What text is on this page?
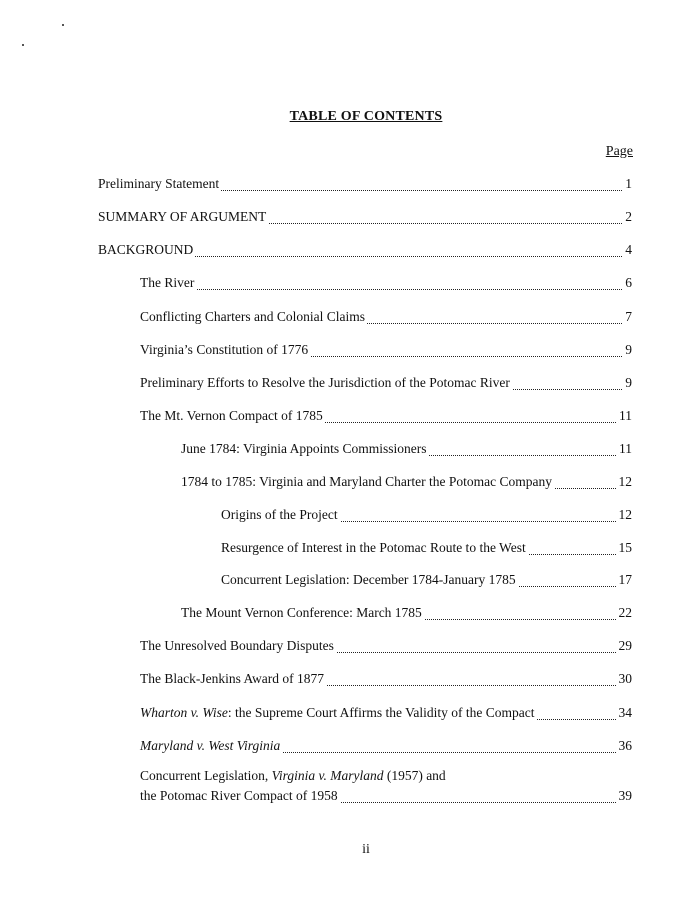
TABLE OF CONTENTS
Page
Preliminary Statement	1
SUMMARY OF ARGUMENT	2
BACKGROUND	4
The River	6
Conflicting Charters and Colonial Claims	7
Virginia’s Constitution of 1776	9
Preliminary Efforts to Resolve the Jurisdiction of the Potomac River	9
The Mt. Vernon Compact of 1785	11
June 1784: Virginia Appoints Commissioners	11
1784 to 1785: Virginia and Maryland Charter the Potomac Company	12
Origins of the Project	12
Resurgence of Interest in the Potomac Route to the West	15
Concurrent Legislation: December 1784-January 1785	17
The Mount Vernon Conference: March 1785	22
The Unresolved Boundary Disputes	29
The Black-Jenkins Award of 1877	30
Wharton v. Wise: the Supreme Court Affirms the Validity of the Compact	34
Maryland v. West Virginia	36
Concurrent Legislation, Virginia v. Maryland (1957) and
the Potomac River Compact of 1958	39
ii
